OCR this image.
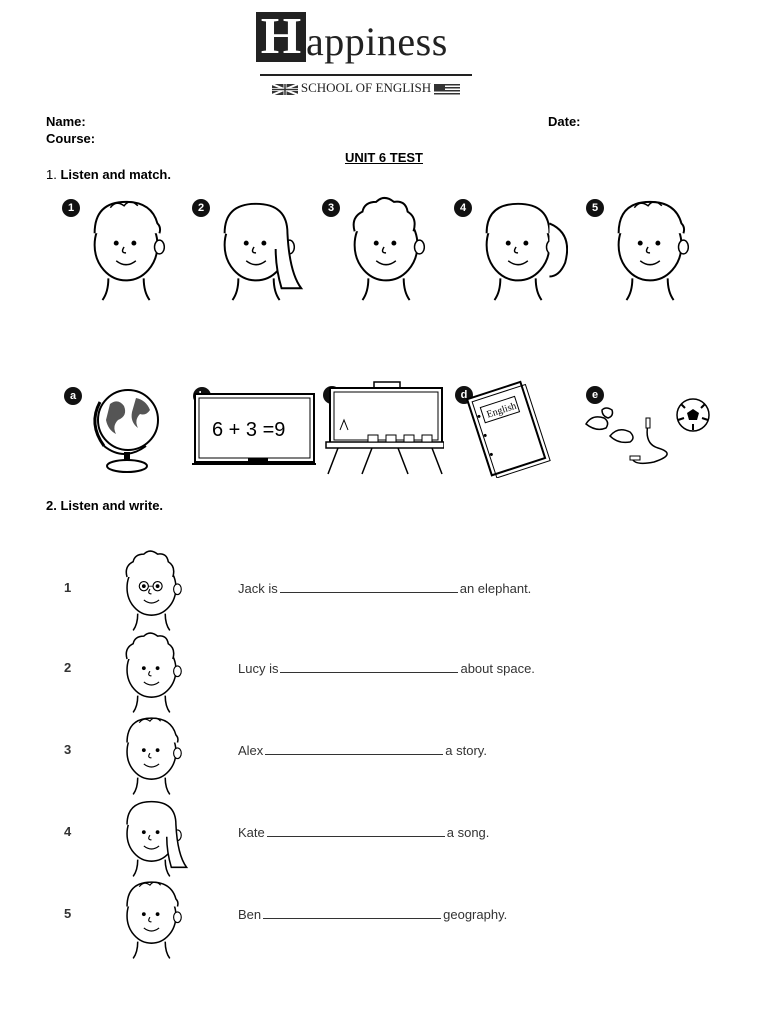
H appiness
SCHOOL OF ENGLISH
Name:	Date:
Course:
UNIT 6 TEST
1. Listen and match.
1	2	3	4	5
a
6 + 3 =9
d
English
e
2. Listen and write.
1	Jack is	an elephant.
2	Lucy is	about space.
3	Alex	a story.
4	Kate	a song.
5	Ben	geography.
